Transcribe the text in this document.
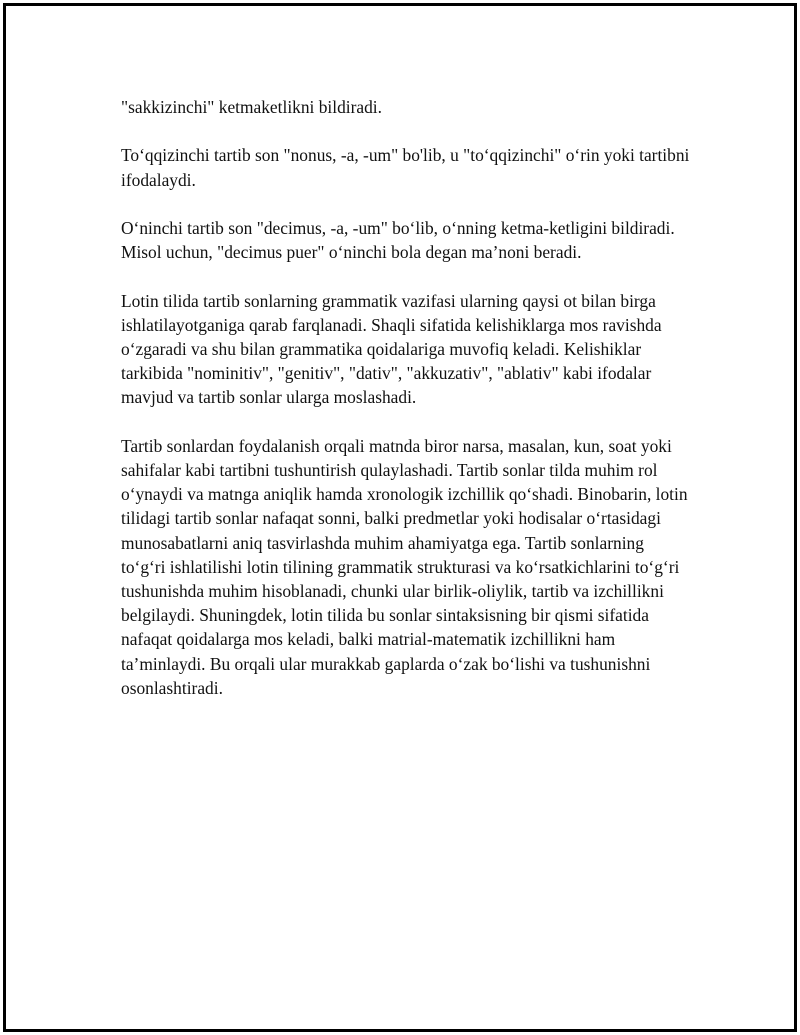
"sakkizinchi" ketmaketlikni bildiradi.

To‘qqizinchi tartib son "nonus, -a, -um" bo'lib, u "to‘qqizinchi" o‘rin yoki tartibni ifodalaydi.

O‘ninchi tartib son "decimus, -a, -um" bo‘lib, o‘nning ketma-ketligini bildiradi. Misol uchun, "decimus puer" o‘ninchi bola degan ma’noni beradi.

Lotin tilida tartib sonlarning grammatik vazifasi ularning qaysi ot bilan birga ishlatilayotganiga qarab farqlanadi. Shaqli sifatida kelishiklarga mos ravishda o‘zgaradi va shu bilan grammatika qoidalariga muvofiq keladi. Kelishiklar tarkibida "nominitiv", "genitiv", "dativ", "akkuzativ", "ablativ" kabi ifodalar mavjud va tartib sonlar ularga moslashadi.

Tartib sonlardan foydalanish orqali matnda biror narsa, masalan, kun, soat yoki sahifalar kabi tartibni tushuntirish qulaylashadi. Tartib sonlar tilda muhim rol o‘ynaydi va matnga aniqlik hamda xronologik izchillik qo‘shadi. Binobarin, lotin tilidagi tartib sonlar nafaqat sonni, balki predmetlar yoki hodisalar o‘rtasidagi munosabatlarni aniq tasvirlashda muhim ahamiyatga ega. Tartib sonlarning to‘g‘ri ishlatilishi lotin tilining grammatik strukturasi va ko‘rsatkichlarini to‘g‘ri tushunishda muhim hisoblanadi, chunki ular birlik-oliylik, tartib va izchillikni belgilaydi. Shuningdek, lotin tilida bu sonlar sintaksisning bir qismi sifatida nafaqat qoidalarga mos keladi, balki matrial-matematik izchillikni ham ta’minlaydi. Bu orqali ular murakkab gaplarda o‘zak bo‘lishi va tushunishni osonlashtiradi.
